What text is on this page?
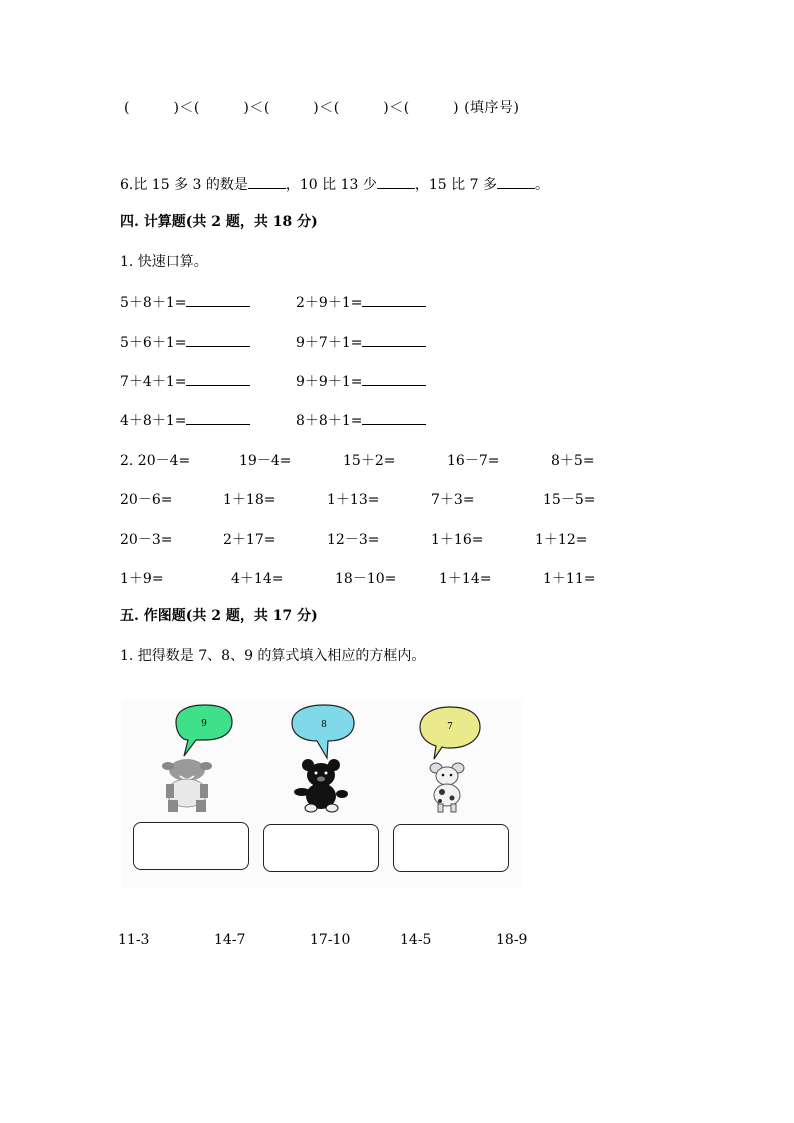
(　　　)＜(　　　)＜(　　　)＜(　　　)＜(　　　) (填序号)
6.比 15 多 3 的数是	，10 比 13 少	，15 比 7 多	。
四. 计算题(共 2 题，共 18 分)
1. 快速口算。
5＋8＋1=	2＋9＋1=
5＋6＋1=	9＋7＋1=
7＋4＋1=	9＋9＋1=
4＋8＋1=	8＋8＋1=
2. 20－4=	19－4=	15＋2=	16－7=	8＋5=
20－6=	1＋18=	1＋13=	7＋3=	15－5=
20－3=	2＋17=	12－3=	1＋16=	1＋12=
1＋9=	4＋14=	18－10=	1＋14=	1＋11=
五. 作图题(共 2 题，共 17 分)
1. 把得数是 7、8、9 的算式填入相应的方框内。
9	8	7
11-3	14-7	17-10	14-5	18-9
